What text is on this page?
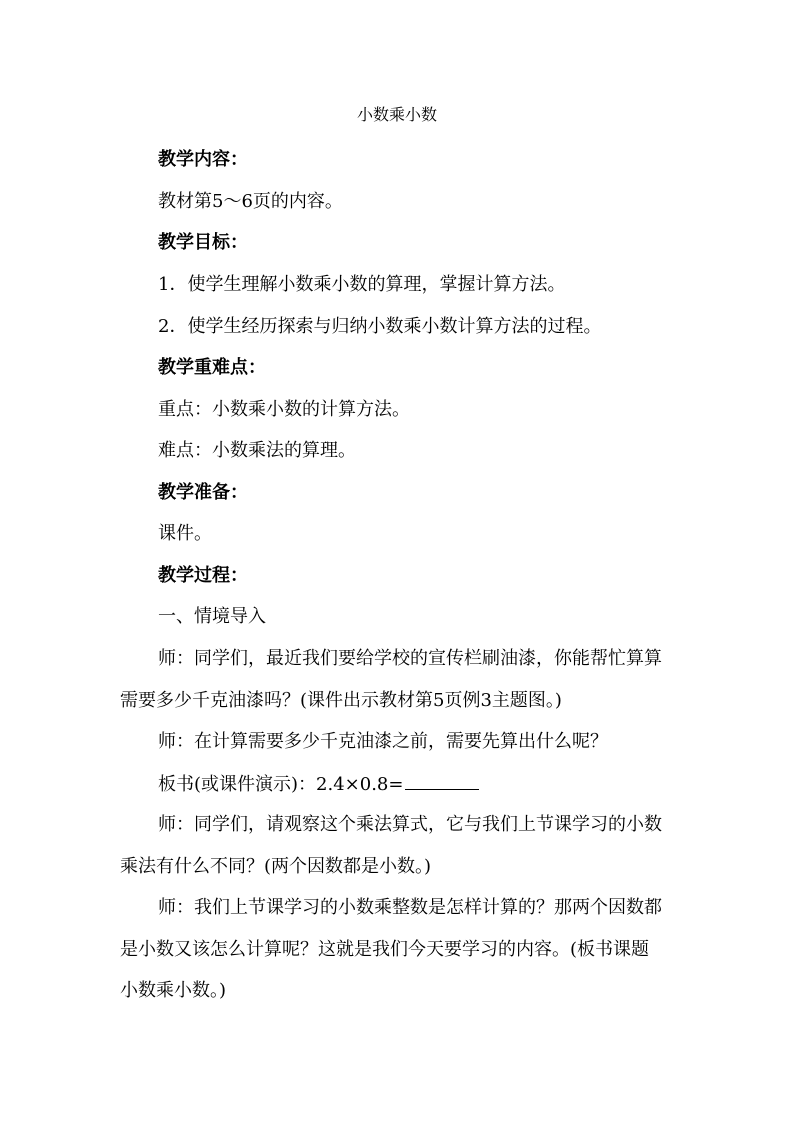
小数乘小数
教学内容：
教材第5～6页的内容。
教学目标：
1．使学生理解小数乘小数的算理，掌握计算方法。
2．使学生经历探索与归纳小数乘小数计算方法的过程。
教学重难点：
重点：小数乘小数的计算方法。
难点：小数乘法的算理。
教学准备：
课件。
教学过程：
一、情境导入
师：同学们，最近我们要给学校的宣传栏刷油漆，你能帮忙算算
需要多少千克油漆吗？(课件出示教材第5页例3主题图。)
师：在计算需要多少千克油漆之前，需要先算出什么呢？
板书(或课件演示)：2.4×0.8=
师：同学们，请观察这个乘法算式，它与我们上节课学习的小数
乘法有什么不同？(两个因数都是小数。)
师：我们上节课学习的小数乘整数是怎样计算的？那两个因数都
是小数又该怎么计算呢？这就是我们今天要学习的内容。(板书课题
小数乘小数。)
